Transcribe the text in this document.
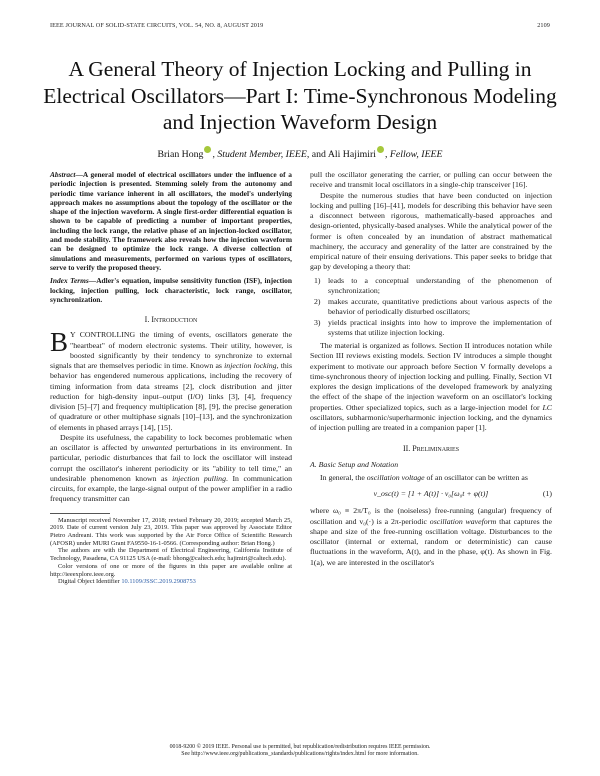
IEEE JOURNAL OF SOLID-STATE CIRCUITS, VOL. 54, NO. 8, AUGUST 2019	2109
A General Theory of Injection Locking and Pulling in Electrical Oscillators—Part I: Time-Synchronous Modeling and Injection Waveform Design
Brian Hong , Student Member, IEEE, and Ali Hajimiri , Fellow, IEEE

Abstract—A general model of electrical oscillators under the influence of a periodic injection is presented. Stemming solely from the autonomy and periodic time variance inherent in all oscillators, the model's underlying approach makes no assumptions about the topology of the oscillator or the shape of the injection waveform. A single first-order differential equation is shown to be capable of predicting a number of important properties, including the lock range, the relative phase of an injection-locked oscillator, and mode stability. The framework also reveals how the injection waveform can be designed to optimize the lock range. A diverse collection of simulations and measurements, performed on various types of oscillators, serve to verify the proposed theory.

Index Terms—Adler's equation, impulse sensitivity function (ISF), injection locking, injection pulling, lock characteristic, lock range, oscillator, synchronization.

I. Introduction

B Y CONTROLLING the timing of events, oscillators generate the "heartbeat" of modern electronic systems. Their utility, however, is boosted significantly by their tendency to synchronize to external signals that are themselves periodic in time. Known as injection locking, this behavior has engendered numerous applications, including the recovery of timing information from data streams [2], clock distribution and jitter reduction for high-density input–output (I/O) links [3], [4], frequency division [5]–[7] and frequency multiplication [8], [9], the precise generation of quadrature or other multiphase signals [10]–[13], and the synchronization of elements in phased arrays [14], [15].

Despite its usefulness, the capability to lock becomes problematic when an oscillator is affected by unwanted perturbations in its environment. In particular, periodic disturbances that fail to lock the oscillator will instead corrupt the oscillator's inherent periodicity or its "ability to tell time," an undesirable phenomenon known as injection pulling. In communication circuits, for example, the large-signal output of the power amplifier in a radio frequency transmitter can

Manuscript received November 17, 2018; revised February 20, 2019; accepted March 25, 2019. Date of current version July 23, 2019. This paper was approved by Associate Editor Pietro Andreani. This work was supported by the Air Force Office of Scientific Research (AFOSR) under MURI Grant FA9550-16-1-0566. (Corresponding author: Brian Hong.)

The authors are with the Department of Electrical Engineering, California Institute of Technology, Pasadena, CA 91125 USA (e-mail: bhong@caltech.edu; hajimiri@caltech.edu).

Color versions of one or more of the figures in this paper are available online at http://ieeexplore.ieee.org.

Digital Object Identifier 10.1109/JSSC.2019.2908753

pull the oscillator generating the carrier, or pulling can occur between the receive and transmit local oscillators in a single-chip transceiver [16].

Despite the numerous studies that have been conducted on injection locking and pulling [16]–[41], models for describing this behavior have seen a disconnect between rigorous, mathematically-based approaches and design-oriented, physically-based analyses. While the analytical power of the former is often concealed by an inundation of abstract mathematical machinery, the accuracy and generality of the latter are constrained by the empirical nature of their ensuing derivations. This paper seeks to bridge that gap by developing a theory that:

1) leads to a conceptual understanding of the phenomenon of synchronization;
2) makes accurate, quantitative predictions about various aspects of the behavior of periodically disturbed oscillators;
3) yields practical insights into how to improve the implementation of systems that utilize injection locking.

The material is organized as follows. Section II introduces notation while Section III reviews existing models. Section IV introduces a simple thought experiment to motivate our approach before Section V formally develops a time-synchronous theory of injection locking and pulling. Finally, Section VI explores the design implications of the developed framework by analyzing the effect of the shape of the injection waveform on an oscillator's locking properties. Other specialized topics, such as a large-injection model for LC oscillators, subharmonic/superharmonic injection locking, and the dynamics of injection pulling are treated in a companion paper [1].

II. Preliminaries
A. Basic Setup and Notation

In general, the oscillation voltage of an oscillator can be written as

v_osc(t) = [1 + A(t)] · v₀[ω₀t + φ(t)]	(1)

where ω₀ ≡ 2π/T₀ is the (noiseless) free-running (angular) frequency of oscillation and v₀(·) is a 2π-periodic oscillation waveform that captures the shape and size of the free-running oscillation voltage. Disturbances to the oscillator (internal or external, random or deterministic) can cause fluctuations in the waveform, A(t), and in the phase, φ(t). As shown in Fig. 1(a), we are interested in the oscillator's

0018-9200 © 2019 IEEE. Personal use is permitted, but republication/redistribution requires IEEE permission.
See http://www.ieee.org/publications_standards/publications/rights/index.html for more information.
